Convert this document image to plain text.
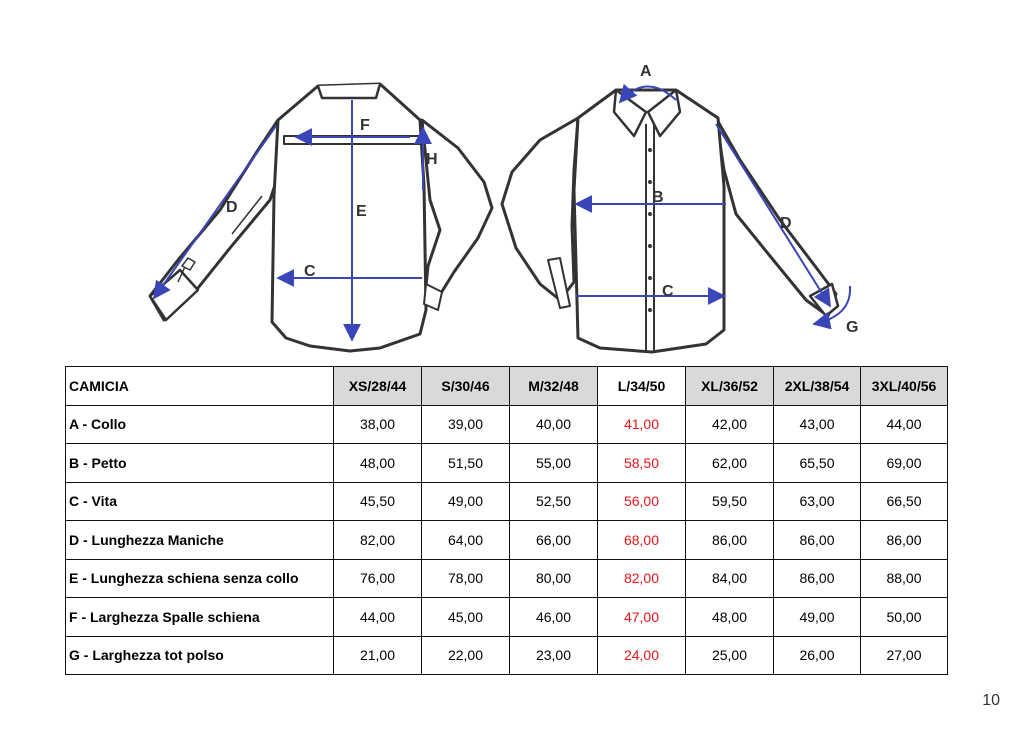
F
H
D	E
C
A
B
D
C
G
CAMICIA	XS/28/44	S/30/46	M/32/48	L/34/50	XL/36/52	2XL/38/54	3XL/40/56
A - Collo	38,00	39,00	40,00	41,00	42,00	43,00	44,00
B - Petto	48,00	51,50	55,00	58,50	62,00	65,50	69,00
C - Vita	45,50	49,00	52,50	56,00	59,50	63,00	66,50
D - Lunghezza Maniche	82,00	64,00	66,00	68,00	86,00	86,00	86,00
E - Lunghezza schiena senza collo	76,00	78,00	80,00	82,00	84,00	86,00	88,00
F - Larghezza Spalle schiena	44,00	45,00	46,00	47,00	48,00	49,00	50,00
G - Larghezza tot polso	21,00	22,00	23,00	24,00	25,00	26,00	27,00
10
